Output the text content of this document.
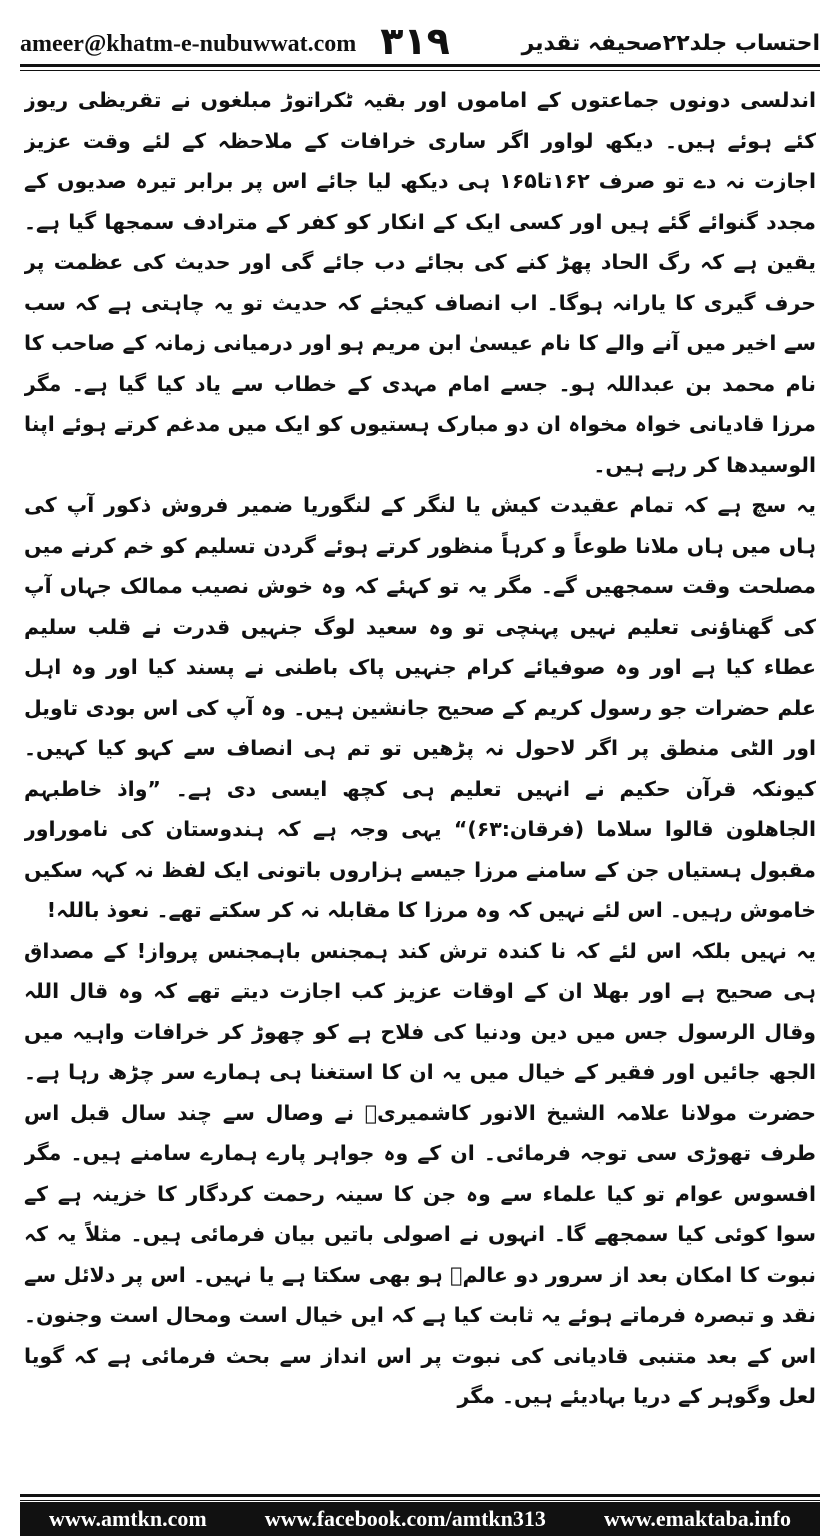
ameer@khatm-e-nubuwwat.com ۳۱۹	احتساب جلد۲۲صحیفہ تقدیر

اندلسی دونوں جماعتوں کے اماموں اور بقیہ ٹکراتوڑ مبلغوں نے تقریظی ریوز کئے ہوئے ہیں۔ دیکھ لواور اگر ساری خرافات کے ملاحظہ کے لئے وقت عزیز اجازت نہ دے تو صرف ۱۶۲تا۱۶۵ ہی دیکھ لیا جائے اس پر برابر تیرہ صدیوں کے مجدد گنوائے گئے ہیں اور کسی ایک کے انکار کو کفر کے مترادف سمجھا گیا ہے۔ یقین ہے کہ رگ الحاد پھڑ کنے کی بجائے دب جائے گی اور حدیث کی عظمت پر حرف گیری کا یارانہ ہوگا۔ اب انصاف کیجئے کہ حدیث تو یہ چاہتی ہے کہ سب سے اخیر میں آنے والے کا نام عیسیٰ ابن مریم ہو اور درمیانی زمانہ کے صاحب کا نام محمد بن عبداللہ ہو۔ جسے امام مہدی کے خطاب سے یاد کیا گیا ہے۔ مگر مرزا قادیانی خواہ مخواہ ان دو مبارک ہستیوں کو ایک میں مدغم کرتے ہوئے اپنا الوسیدھا کر رہے ہیں۔

یہ سچ ہے کہ تمام عقیدت کیش یا لنگر کے لنگوریا ضمیر فروش ذکور آپ کی ہاں میں ہاں ملانا طوعاً و کرہاً منظور کرتے ہوئے گردن تسلیم کو خم کرنے میں مصلحت وقت سمجھیں گے۔ مگر یہ تو کہئے کہ وہ خوش نصیب ممالک جہاں آپ کی گھناؤنی تعلیم نہیں پہنچی تو وہ سعید لوگ جنہیں قدرت نے قلب سلیم عطاء کیا ہے اور وہ صوفیائے کرام جنہیں پاک باطنی نے پسند کیا اور وہ اہل علم حضرات جو رسول کریم کے صحیح جانشین ہیں۔ وہ آپ کی اس بودی تاویل اور الٹی منطق پر اگر لاحول نہ پڑھیں تو تم ہی انصاف سے کہو کیا کہیں۔ کیونکہ قرآن حکیم نے انہیں تعلیم ہی کچھ ایسی دی ہے۔ ”واذ خاطبہم الجاھلون قالوا سلاما (فرقان:۶۳)“ یہی وجہ ہے کہ ہندوستان کی ناموراور مقبول ہستیاں جن کے سامنے مرزا جیسے ہزاروں باتونی ایک لفظ نہ کہہ سکیں خاموش رہیں۔ اس لئے نہیں کہ وہ مرزا کا مقابلہ نہ کر سکتے تھے۔ نعوذ باللہ!

یہ نہیں بلکہ اس لئے کہ نا کندہ ترش کند ہمجنس باہمجنس پرواز! کے مصداق ہی صحیح ہے اور بھلا ان کے اوقات عزیز کب اجازت دیتے تھے کہ وہ قال اللہ وقال الرسول جس میں دین ودنیا کی فلاح ہے کو چھوڑ کر خرافات واہیہ میں الجھ جائیں اور فقیر کے خیال میں یہ ان کا استغنا ہی ہمارے سر چڑھ رہا ہے۔ حضرت مولانا علامہ الشیخ الانور کاشمیریؒ نے وصال سے چند سال قبل اس طرف تھوڑی سی توجہ فرمائی۔ ان کے وہ جواہر پارے ہمارے سامنے ہیں۔ مگر افسوس عوام تو کیا علماء سے وہ جن کا سینہ رحمت کردگار کا خزینہ ہے کے سوا کوئی کیا سمجھے گا۔ انہوں نے اصولی باتیں بیان فرمائی ہیں۔ مثلاً یہ کہ نبوت کا امکان بعد از سرور دو عالمؐ ہو بھی سکتا ہے یا نہیں۔ اس پر دلائل سے نقد و تبصرہ فرماتے ہوئے یہ ثابت کیا ہے کہ ایں خیال است ومحال است وجنون۔ اس کے بعد متنبی قادیانی کی نبوت پر اس انداز سے بحث فرمائی ہے کہ گویا لعل وگوہر کے دریا بہادیئے ہیں۔ مگر

www.amtkn.com	www.facebook.com/amtkn313	www.emaktaba.info
